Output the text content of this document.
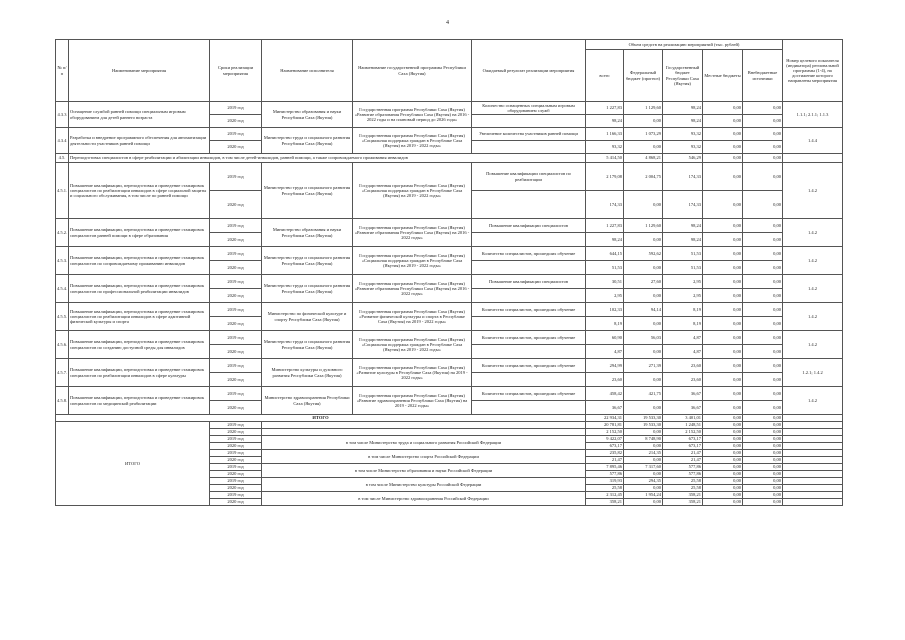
4
№ п/п	Наименование мероприятия	Сроки реализации мероприятия	Наименование исполнителя	Наименование государственной программы Республики Саха (Якутия)	Ожидаемый результат реализации мероприятия	Объем средств на реализацию мероприятий (тыс. рублей)					Номер целевого показателя (индикатора) региональной программы (1-4), на достижение которого направлены мероприятия
						всего	Федеральный бюджет (прогноз)	Государственный бюджет Республики Саха (Якутия)	Местные бюджеты	Внебюджетные источники	
4.3.3	Оснащение службой ранней помощи специальным игровым оборудованием для детей раннего возраста	2019 год	Министерство образования и науки Республики Саха (Якутия)	Государственная программа Республики Саха (Якутия) «Развитие образования Республики Саха (Якутия) на 2016 - 2022 годы и на плановый период до 2026 года»	Количество оснащенных специальным игровым оборудованием служб	1 227,83	1 129,60	98,24	0,00	0,00	1.1.1; 2.1.1; 1.1.3
		2020 год				98,24	0,00	98,24	0,00	0,00	
4.3.4	Разработка и внедрение программного обеспечения для автоматизации деятельности участников ранней помощи	2019 год	Министерство труда и социального развития Республики Саха (Якутия)	Государственная программа Республики Саха (Якутия) «Социальная поддержка граждан в Республике Саха (Якутия) на 2019 - 2022 годы»	Увеличение количества участников ранней помощи	1 166,33	1 073,29	93,32	0,00	0,00	1.4.4
		2020 год				93,32	0,00	93,32	0,00	0,00	
4.5.	Переподготовка специалистов в сфере реабилитации и абилитации инвалидов, в том числе детей-инвалидов, ранней помощи, а также сопровождаемого проживания инвалидов					5 414,50	4 868,21	546,29	0,00	0,00	
4.5.1.	Повышение квалификации, переподготовка и проведение стажировок специалистов по реабилитации инвалидов в сфере социальной защиты и социального обслуживания, в том числе по ранней помощи	2019 год	Министерство труда и социального развития Республики Саха (Якутия)	Государственная программа Республики Саха (Якутия) «Социальная поддержка граждан в Республике Саха (Якутия) на 2019 - 2022 годы»	Повышение квалификации специалистов по реабилитации	2 179,08	2 004,75	174,33	0,00	0,00	1.4.2
		2020 год				174,33	0,00	174,33	0,00	0,00	
4.5.2.	Повышение квалификации, переподготовка и проведение стажировок специалистов ранней помощи в сфере образования	2019 год	Министерство образования и науки Республики Саха (Якутия)	Государственная программа Республики Саха (Якутия) «Развитие образования Республики Саха (Якутия) на 2016 - 2022 годы»	Повышение квалификации специалистов	1 227,83	1 129,60	98,24	0,00	0,00	1.4.2
		2020 год				98,24	0,00	98,24	0,00	0,00	
4.5.3.	Повышение квалификации, переподготовка и проведение стажировок специалистов по сопровождаемому проживанию инвалидов	2019 год	Министерство труда и социального развития Республики Саха (Якутия)	Государственная программа Республики Саха (Якутия) «Социальная поддержка граждан в Республике Саха (Якутия) на 2019 - 2022 годы»	Количество специалистов, прошедших обучение	644,15	592,62	51,53	0,00	0,00	1.4.2
		2020 год				51,53	0,00	51,53	0,00	0,00	
4.5.4.	Повышение квалификации, переподготовка и проведение стажировок специалистов по профессиональной реабилитации инвалидов	2019 год	Министерство труда и социального развития Республики Саха (Якутия)	Государственная программа Республики Саха (Якутия) «Развитие образования Республики Саха (Якутия) на 2016 - 2022 годы»	Повышение квалификации специалистов	30,51	27,60	2,95	0,00	0,00	1.4.2
		2020 год				2,95	0,00	2,95	0,00	0,00	
4.5.5.	Повышение квалификации, переподготовка и проведение стажировок специалистов по реабилитации инвалидов в сфере адаптивной физической культуры и спорта	2019 год	Министерство по физической культуре и спорту Республики Саха (Якутия)	Государственная программа Республики Саха (Якутия) «Развитие физической культуры и спорта в Республике Саха (Якутия) на 2019 - 2022 годы»	Количество специалистов, прошедших обучение	102,33	94,14	8,19	0,00	0,00	1.4.2
		2020 год				8,19	0,00	8,19	0,00	0,00	
4.5.6.	Повышение квалификации, переподготовка и проведение стажировок специалистов по созданию доступной среды для инвалидов	2019 год	Министерство труда и социального развития Республики Саха (Якутия)	Государственная программа Республики Саха (Якутия) «Социальная поддержка граждан в Республике Саха (Якутия) на 2019 - 2022 годы»	Количество специалистов, прошедших обучение	60,90	56,03	4,87	0,00	0,00	1.4.2
		2020 год				4,87	0,00	4,87	0,00	0,00	
4.5.7.	Повышение квалификации, переподготовка и проведение стажировок специалистов по реабилитации инвалидов в сфере культуры	2019 год	Министерство культуры и духовного развития Республики Саха (Якутия)	Государственная программа Республики Саха (Якутия) «Развитие культуры в Республике Саха (Якутия) на 2019 - 2022 годы»	Количество специалистов, прошедших обучение	294,99	271,39	23,60	0,00	0,00	1.2.1; 1.4.2
		2020 год				23,60	0,00	23,60	0,00	0,00	
4.5.8.	Повышение квалификации, переподготовка и проведение стажировок специалистов по медицинской реабилитации	2019 год	Министерство здравоохранения Республики Саха (Якутия)	Государственная программа Республики Саха (Якутия) «Развитие здравоохранения Республики Саха (Якутия) на 2019 - 2022 годы»	Количество специалистов, прошедших обучение	458,42	421,75	36,67	0,00	0,00	1.4.2
		2020 год				36,67	0,00	36,67	0,00	0,00	
ИТОГО						22 934,31	19 533,30	3 401,01	0,00	0,00	
ИТОГО		2019 год				20 781,81	19 533,30	1 248,51	0,00	0,00	
		2020 год				2 152,50	0,00	2 152,50	0,00	0,00	
		2019 год	в том числе Министерство труда и социального развития Российской Федерации			9 422,07	8 748,90	673,17	0,00	0,00	
		2020 год				673,17	0,00	673,17	0,00	0,00	
		2019 год	в том числе Министерство спорта Российской Федерации			235,82	214,35	21,47	0,00	0,00	
		2020 год				21,47	0,00	21,47	0,00	0,00	
		2019 год	в том числе Министерство образования и науки Российской Федерации			7 895,46	7 317,60	577,86	0,00	0,00	
		2020 год				577,86	0,00	577,86	0,00	0,00	
		2019 год	в том числе Министерство культуры Российской Федерации			319,93	294,35	25,58	0,00	0,00	
		2020 год				25,58	0,00	25,58	0,00	0,00	
		2019 год	в том числе Министерство здравоохранения Российской Федерации			2 312,45	1 954,24	358,21	0,00	0,00	
		2020 год				358,21	0,00	358,21	0,00	0,00	
